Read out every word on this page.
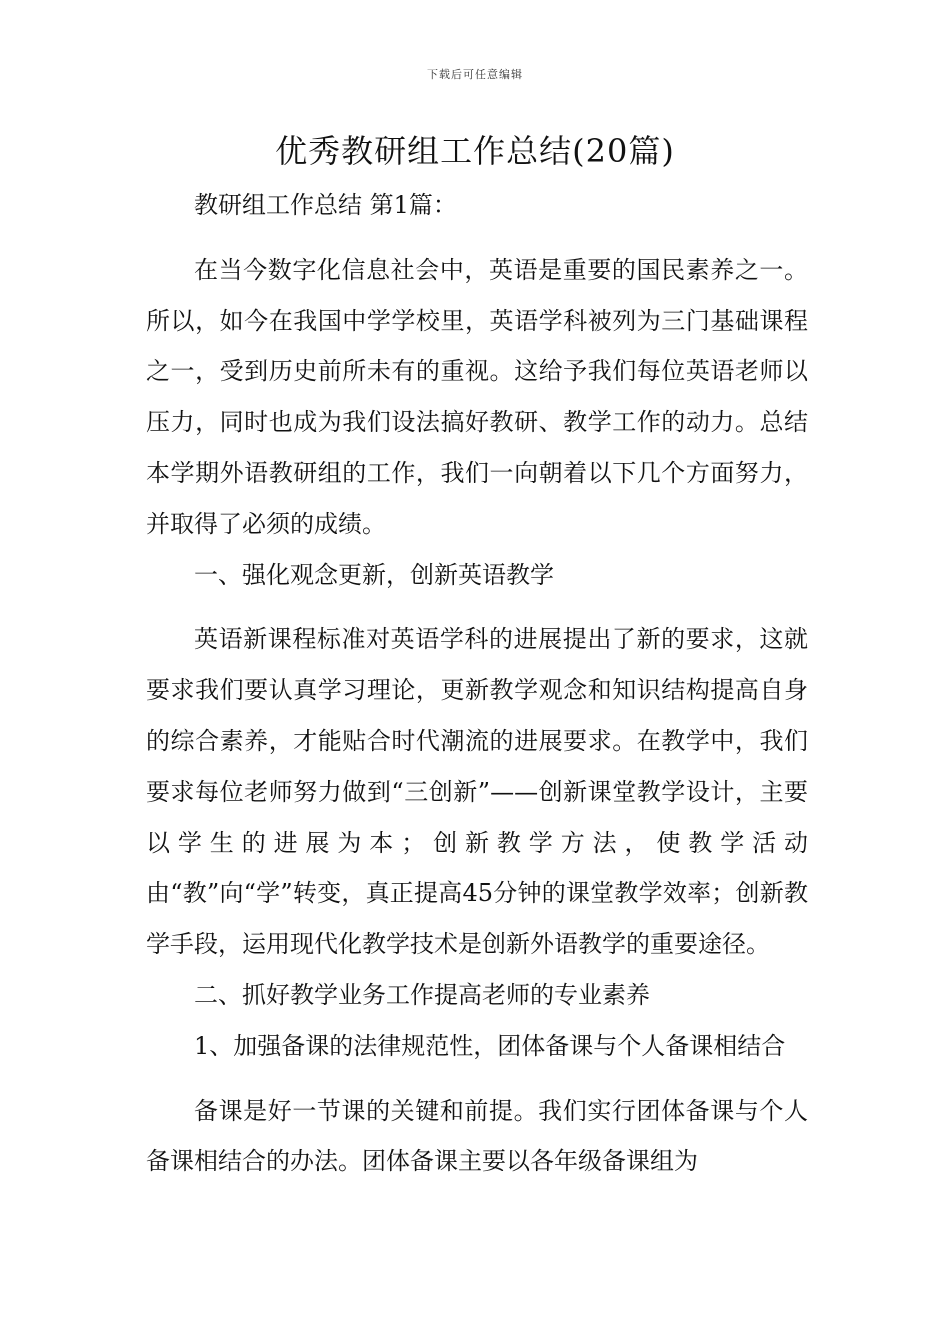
下载后可任意编辑
优秀教研组工作总结(20篇)

教研组工作总结 第1篇：

在当今数字化信息社会中，英语是重要的国民素养之一。所以，如今在我国中学学校里，英语学科被列为三门基础课程之一，受到历史前所未有的重视。这给予我们每位英语老师以压力，同时也成为我们设法搞好教研、教学工作的动力。总结本学期外语教研组的工作，我们一向朝着以下几个方面努力，并取得了必须的成绩。

一、强化观念更新，创新英语教学

英语新课程标准对英语学科的进展提出了新的要求，这就要求我们要认真学习理论，更新教学观念和知识结构提高自身的综合素养，才能贴合时代潮流的进展要求。在教学中，我们要求每位老师努力做到“三创新”——创新课堂教学设计，主要以学生的进展为本；创新教学方法，使教学活动由“教”向“学”转变，真正提高45分钟的课堂教学效率；创新教学手段，运用现代化教学技术是创新外语教学的重要途径。

二、抓好教学业务工作提高老师的专业素养

1、加强备课的法律规范性，团体备课与个人备课相结合

备课是好一节课的关键和前提。我们实行团体备课与个人备课相结合的办法。团体备课主要以各年级备课组为
